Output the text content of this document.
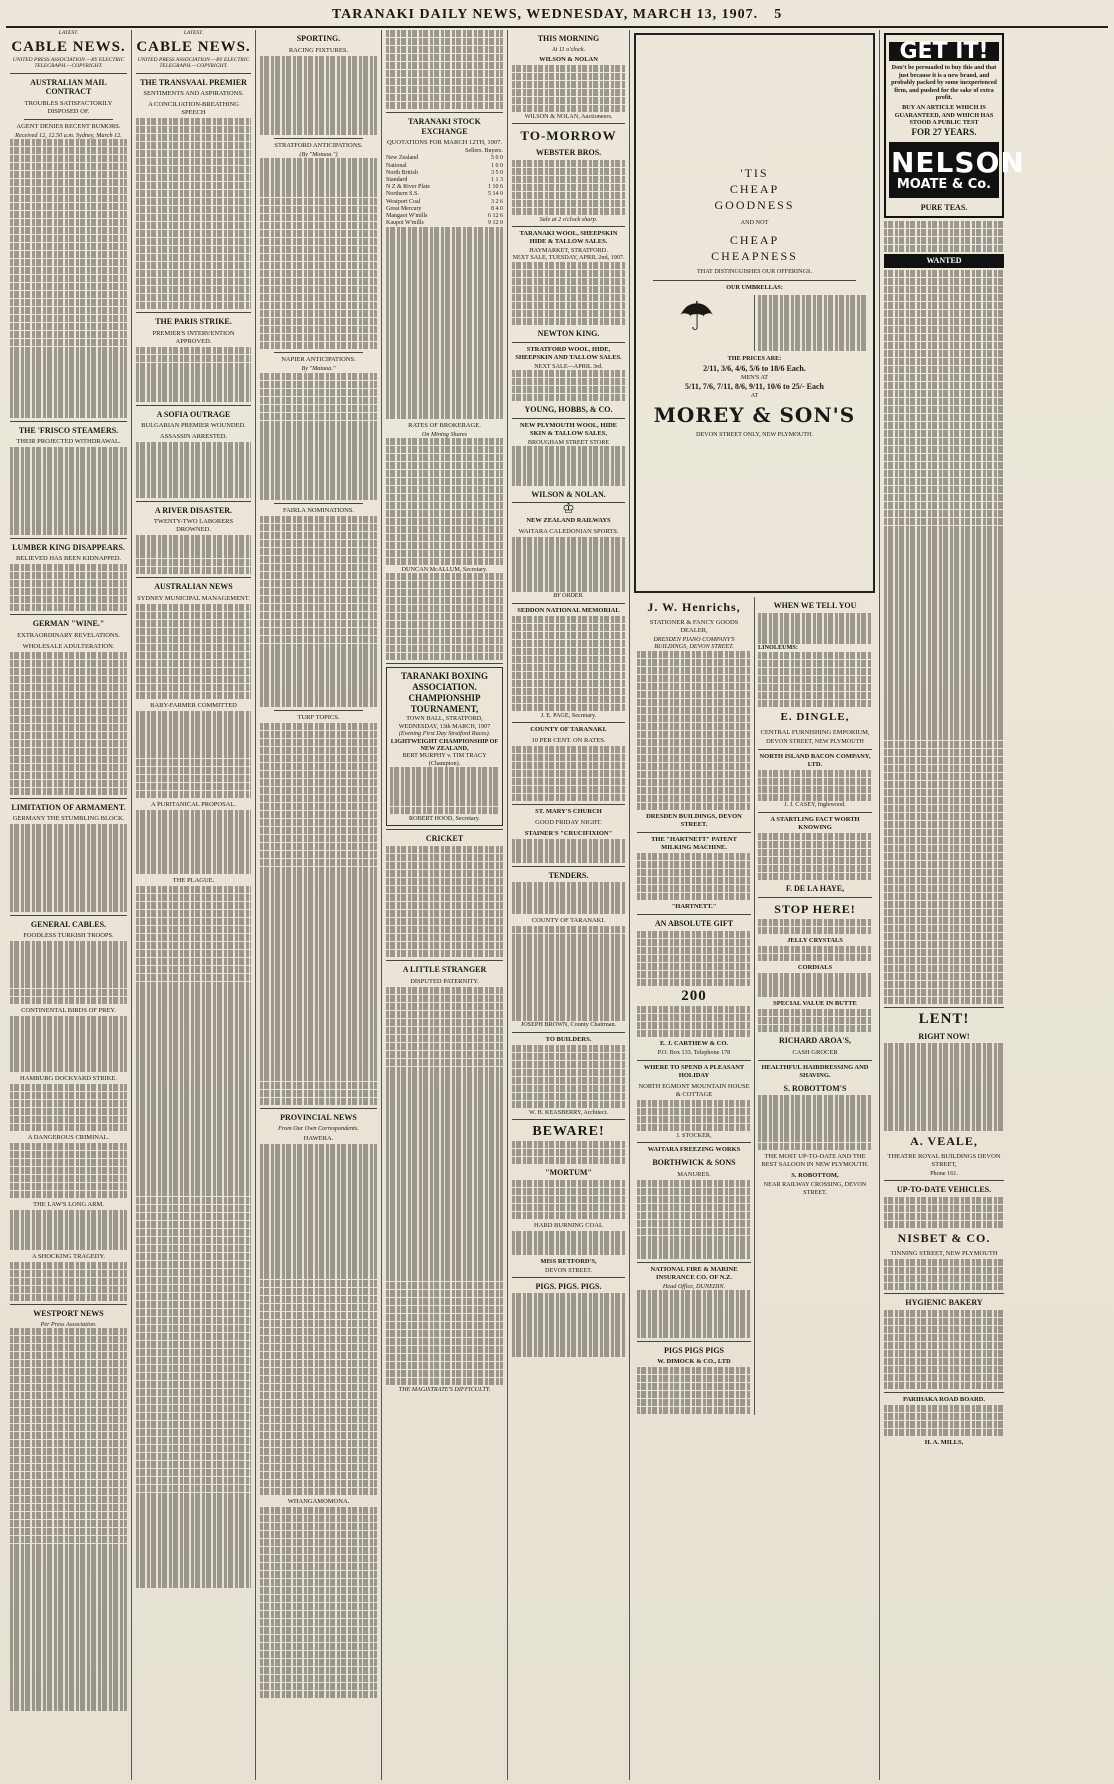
TARANAKI DAILY NEWS, WEDNESDAY, MARCH 13, 1907. 5
LATEST.
CABLE NEWS.
UNITED PRESS ASSOCIATION.—BY ELECTRIC TELEGRAPH.—COPYRIGHT.
AUSTRALIAN MAIL CONTRACT
TROUBLES SATISFACTORILY DISPOSED OF.
AGENT DENIES RECENT RUMORS.
Received 12, 12.50 a.m. Sydney, March 12.
THE 'FRISCO STEAMERS.
THEIR PROJECTED WITHDRAWAL.
LUMBER KING DISAPPEARS.
BELIEVED HAS BEEN KIDNAPPED.
GERMAN "WINE."
EXTRAORDINARY REVELATIONS.
WHOLESALE ADULTERATION.
LIMITATION OF ARMAMENT.
GERMANY THE STUMBLING BLOCK.
GENERAL CABLES.
FOODLESS TURKISH TROOPS.
CONTINENTAL BIRDS OF PREY.
HAMBURG DOCKYARD STRIKE.
A DANGEROUS CRIMINAL.
THE LAW'S LONG ARM.
A SHOCKING TRAGEDY.
WESTPORT NEWS
Per Press Association.
LATEST.
CABLE NEWS.
UNITED PRESS ASSOCIATION.—BY ELECTRIC TELEGRAPH.—COPYRIGHT.
THE TRANSVAAL PREMIER
SENTIMENTS AND ASPIRATIONS.
A CONCILIATION-BREATHING SPEECH
THE PARIS STRIKE.
PREMIER'S INTERVENTION APPROVED.
A SOFIA OUTRAGE
BULGARIAN PREMIER WOUNDED.
ASSASSIN ARRESTED.
A RIVER DISASTER.
TWENTY-TWO LABORERS DROWNED.
AUSTRALIAN NEWS
SYDNEY MUNICIPAL MANAGEMENT.
BABY-FARMER COMMITTED
A PURITANICAL PROPOSAL.
THE PLAGUE.
SPORTING.
RACING FIXTURES.
STRATFORD ANTICIPATIONS.
(By "Motuoa.")
NAPIER ANTICIPATIONS.
By "Matuoa."
FAIRLA NOMINATIONS.
TURF TOPICS.
PROVINCIAL NEWS
From Our Own Correspondents.
HAWERA.
WHANGAMOMONA.
TARANAKI STOCK EXCHANGE
QUOTATIONS FOR MARCH 12TH, 1907.
Sellers. Buyers.
New Zealand	5 0 0
National	1 0 0
North British	3 5 0
Standard	1 1 3
N Z & River Plate	1 10 6
Northern S.S.	5 14 0
Westport Coal	3 2 6
Great Mercury	8 4 0
Mangaoi W'mills	6 12 6
Kaupoi W'mills	9 12 0
RATES OF BROKERAGE.
On Mining Shares
DUNCAN McALLUM, Secretary.
TARANAKI BOXING ASSOCIATION.
CHAMPIONSHIP TOURNAMENT,
TOWN HALL, STRATFORD, WEDNESDAY, 13th MARCH, 1907
(Evening First Day Stratford Races).
LIGHTWEIGHT CHAMPIONSHIP OF NEW ZEALAND,
BERT MURPHY v. TIM TRACY (Champion).
ROBERT HOOD, Secretary.
CRICKET
A LITTLE STRANGER
DISPUTED PATERNITY.
THE MAGISTRATE'S DIFFICULTY.
THIS MORNING
At 11 o'clock.
WILSON & NOLAN
WILSON & NOLAN, Auctioneers.
TO-MORROW
WEBSTER BROS.
Sale at 2 o'clock sharp.
TARANAKI WOOL, SHEEPSKIN HIDE & TALLOW SALES.
HAYMARKET, STRATFORD.
NEXT SALE, TUESDAY, APRIL 2nd, 1907.
NEWTON KING.
STRATFORD WOOL, HIDE, SHEEPSKIN AND TALLOW SALES.
NEXT SALE—APRIL 3rd.
YOUNG, HOBBS, & CO.
NEW PLYMOUTH WOOL, HIDE SKIN & TALLOW SALES,
BROUGHAM STREET STORE
WILSON & NOLAN.
♔
NEW ZEALAND RAILWAYS
WAITARA CALEDONIAN SPORTS.
BY ORDER.
SEDDON NATIONAL MEMORIAL
J. E. PAGE, Secretary.
COUNTY OF TARANAKI.
10 PER CENT. ON RATES.
ST. MARY'S CHURCH
GOOD FRIDAY NIGHT.
STAINER'S "CRUCIFIXION"
TENDERS.
COUNTY OF TARANAKI.
JOSEPH BROWN, County Chairman.
TO BUILDERS.
W. H. KEASBERRY, Architect.
BEWARE!
"MORTUM"
HARD BURNING COAL
MISS RETFORD'S,
DEVON STREET.
PIGS. PIGS. PIGS.
'TIS
CHEAP
GOODNESS
AND NOT
CHEAP
CHEAPNESS
THAT DISTINGUISHES OUR OFFERINGS.
OUR UMBRELLAS:
☂
THE PRICES ARE:
2/11, 3/6, 4/6, 5/6 to 18/6 Each.
MEN'S AT
5/11, 7/6, 7/11, 8/6, 9/11, 10/6 to 25/- Each
AT
MOREY & SON'S
DEVON STREET ONLY, NEW PLYMOUTH.
J. W. Henrichs,
STATIONER & FANCY GOODS DEALER,
DRESDEN PIANO COMPANY'S BUILDINGS, DEVON STREET.
DRESDEN BUILDINGS, DEVON STREET.
THE "HARTNETT" PATENT MILKING MACHINE.
"HARTNETT."
AN ABSOLUTE GIFT
200
E. J. CARTHEW & CO.
P.O. Box 133. Telephone 178
WHERE TO SPEND A PLEASANT HOLIDAY
NORTH EGMONT MOUNTAIN HOUSE & COTTAGE
J. STOCKER,
WAITARA FREEZING WORKS
BORTHWICK & SONS
MANURES.
NATIONAL FIRE & MARINE INSURANCE CO. OF N.Z.
Head Office, DUNEDIN.
PIGS PIGS PIGS
W. DIMOCK & CO., LTD
WHEN WE TELL YOU
LINOLEUMS:
E. DINGLE,
CENTRAL FURNISHING EMPORIUM,
DEVON STREET, NEW PLYMOUTH
NORTH ISLAND BACON COMPANY, LTD.
J. J. CASEY, Inglewood.
A STARTLING FACT WORTH KNOWING
F. DE LA HAYE,
STOP HERE!
JELLY CRYSTALS
CORDIALS
SPECIAL VALUE IN BUTTE
RICHARD AROA'S,
CASH GROCER
HEALTHFUL HAIRDRESSING AND SHAVING.
S. ROBOTTOM'S
THE MOST UP-TO-DATE AND THE BEST SALOON IN NEW PLYMOUTH.
S. ROBOTTOM,
NEAR RAILWAY CROSSING, DEVON STREET.
GET IT!
Don't be persuaded to buy this and that just because it is a new brand, and probably packed by some inexperienced firm, and pushed for the sake of extra profit.
BUY AN ARTICLE WHICH IS GUARANTEED, AND WHICH HAS STOOD A PUBLIC TEST
FOR 27 YEARS.
NELSON
MOATE & Co.
PURE TEAS.
WANTED
LENT!
RIGHT NOW!
A. VEALE,
THEATRE ROYAL BUILDINGS DEVON STREET,
Phone 161.
UP-TO-DATE VEHICLES.
NISBET & CO.
TINNING STREET, NEW PLYMOUTH
HYGIENIC BAKERY
PARIHAKA ROAD BOARD.
H. A. MILLS,
